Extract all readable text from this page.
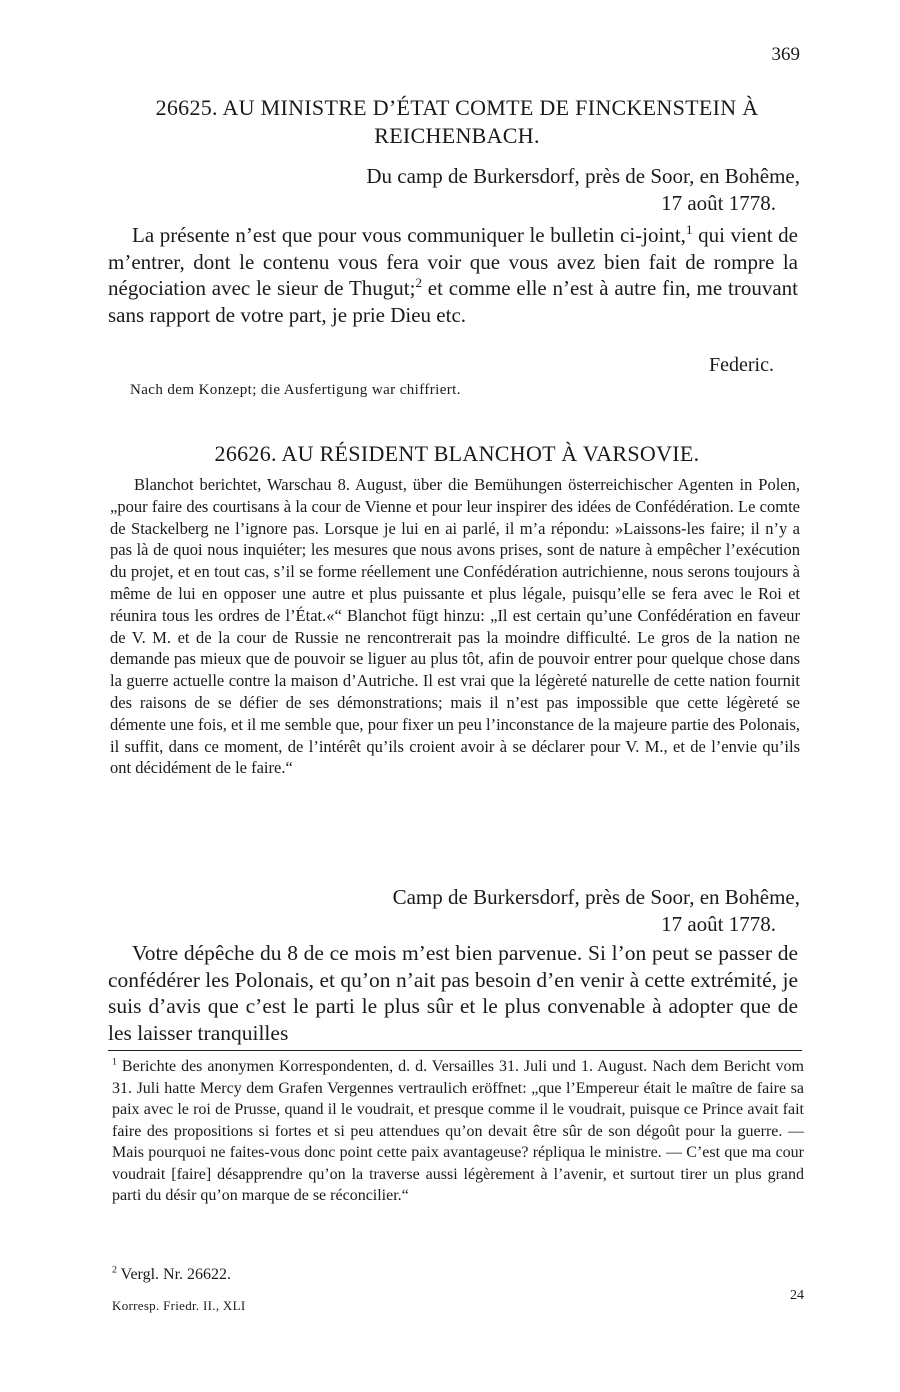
369
26625. AU MINISTRE D’ÉTAT COMTE DE FINCKENSTEIN À REICHENBACH.
Du camp de Burkersdorf, près de Soor, en Bohême,
17 août 1778.
La présente n’est que pour vous communiquer le bulletin ci-joint,$^1$ qui vient de m’entrer, dont le contenu vous fera voir que vous avez bien fait de rompre la négociation avec le sieur de Thugut;$^2$ et comme elle n’est à autre fin, me trouvant sans rapport de votre part, je prie Dieu etc.
Federic.
Nach dem Konzept; die Ausfertigung war chiffriert.
26626. AU RÉSIDENT BLANCHOT À VARSOVIE.
Blanchot berichtet, Warschau 8. August, über die Bemühungen österreichischer Agenten in Polen, „pour faire des courtisans à la cour de Vienne et pour leur inspirer des idées de Confédération. Le comte de Stackelberg ne l’ignore pas. Lorsque je lui en ai parlé, il m’a répondu: »Laissons-les faire; il n’y a pas là de quoi nous inquiéter; les mesures que nous avons prises, sont de nature à empêcher l’exécution du projet, et en tout cas, s’il se forme réellement une Confédération autrichienne, nous serons toujours à même de lui en opposer une autre et plus puissante et plus légale, puisqu’elle se fera avec le Roi et réunira tous les ordres de l’État.«“ Blanchot fügt hinzu: „Il est certain qu’une Confédération en faveur de V. M. et de la cour de Russie ne rencontrerait pas la moindre difficulté. Le gros de la nation ne demande pas mieux que de pouvoir se liguer au plus tôt, afin de pouvoir entrer pour quelque chose dans la guerre actuelle contre la maison d’Autriche. Il est vrai que la légèreté naturelle de cette nation fournit des raisons de se défier de ses démonstrations; mais il n’est pas impossible que cette légèreté se démente une fois, et il me semble que, pour fixer un peu l’inconstance de la majeure partie des Polonais, il suffit, dans ce moment, de l’intérêt qu’ils croient avoir à se déclarer pour V. M., et de l’envie qu’ils ont décidément de le faire.“
Camp de Burkersdorf, près de Soor, en Bohême,
17 août 1778.
Votre dépêche du 8 de ce mois m’est bien parvenue. Si l’on peut se passer de confédérer les Polonais, et qu’on n’ait pas besoin d’en venir à cette extrémité, je suis d’avis que c’est le parti le plus sûr et le plus convenable à adopter que de les laisser tranquilles
$^1$ Berichte des anonymen Korrespondenten, d. d. Versailles 31. Juli und 1. August. Nach dem Bericht vom 31. Juli hatte Mercy dem Grafen Vergennes vertraulich eröffnet: „que l’Empereur était le maître de faire sa paix avec le roi de Prusse, quand il le voudrait, et presque comme il le voudrait, puisque ce Prince avait fait faire des propositions si fortes et si peu attendues qu’on devait être sûr de son dégoût pour la guerre. — Mais pourquoi ne faites-vous donc point cette paix avantageuse? répliqua le ministre. — C’est que ma cour voudrait [faire] désapprendre qu’on la traverse aussi légèrement à l’avenir, et surtout tirer un plus grand parti du désir qu’on marque de se réconcilier.“
$^2$ Vergl. Nr. 26622.
Korresp. Friedr. II., XLI
24
